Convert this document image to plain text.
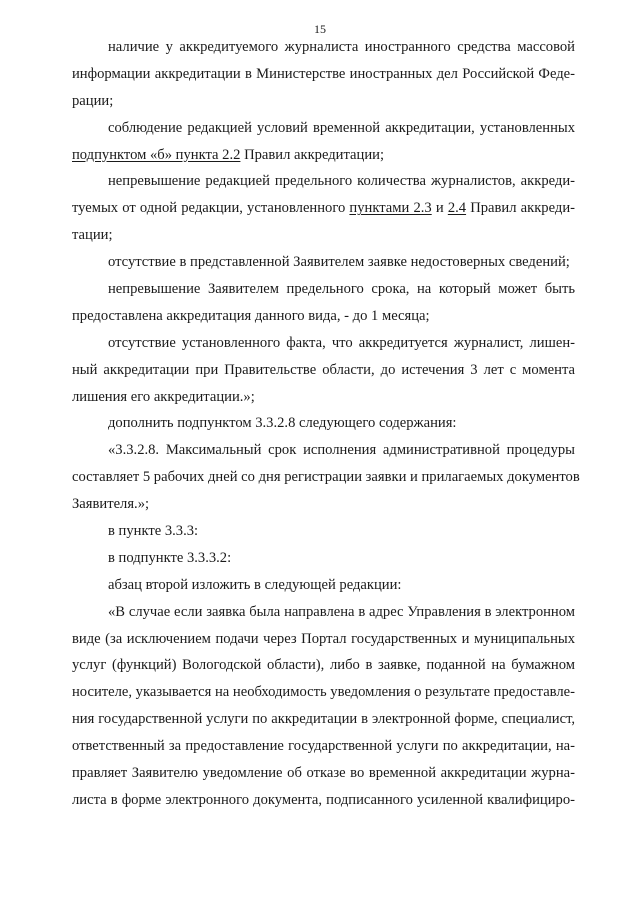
15
наличие у аккредитуемого журналиста иностранного средства массовой
информации аккредитации в Министерстве иностранных дел Российской Феде-
рации;
соблюдение редакцией условий временной аккредитации, установленных
подпунктом «б» пункта 2.2 Правил аккредитации;
непревышение редакцией предельного количества журналистов, аккреди-
туемых от одной редакции, установленного пунктами 2.3 и 2.4 Правил аккреди-
тации;
отсутствие в представленной Заявителем заявке недостоверных сведений;
непревышение Заявителем предельного срока, на который может быть
предоставлена аккредитация данного вида, - до 1 месяца;
отсутствие установленного факта, что аккредитуется журналист, лишен-
ный аккредитации при Правительстве области, до истечения 3 лет с момента
лишения его аккредитации.»;
дополнить подпунктом 3.3.2.8 следующего содержания:
«3.3.2.8. Максимальный срок исполнения административной процедуры
составляет 5 рабочих дней со дня регистрации заявки и прилагаемых документов
Заявителя.»;
в пункте 3.3.3:
в подпункте 3.3.3.2:
абзац второй изложить в следующей редакции:
«В случае если заявка была направлена в адрес Управления в электронном
виде (за исключением подачи через Портал государственных и муниципальных
услуг (функций) Вологодской области), либо в заявке, поданной на бумажном
носителе, указывается на необходимость уведомления о результате предоставле-
ния государственной услуги по аккредитации в электронной форме, специалист,
ответственный за предоставление государственной услуги по аккредитации, на-
правляет Заявителю уведомление об отказе во временной аккредитации журна-
листа в форме электронного документа, подписанного усиленной квалифициро-
